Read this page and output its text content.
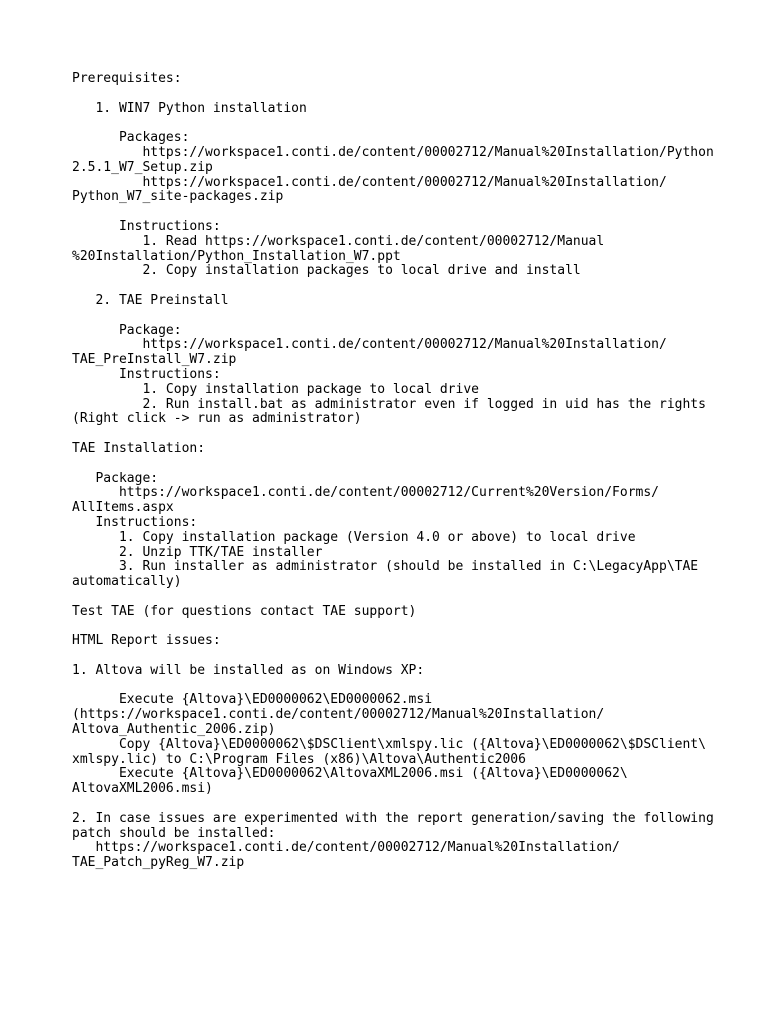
Prerequisites:

1. WIN7 Python installation

Packages:

https://workspace1.conti.de/content/00002712/Manual%20Installation/Python

2.5.1_W7_Setup.zip

https://workspace1.conti.de/content/00002712/Manual%20Installation/

Python_W7_site-packages.zip

Instructions:

1. Read https://workspace1.conti.de/content/00002712/Manual

%20Installation/Python_Installation_W7.ppt

2. Copy installation packages to local drive and install

2. TAE Preinstall

Package:

https://workspace1.conti.de/content/00002712/Manual%20Installation/

TAE_PreInstall_W7.zip

Instructions:

1. Copy installation package to local drive

2. Run install.bat as administrator even if logged in uid has the rights

(Right click -> run as administrator)

TAE Installation:

Package:

https://workspace1.conti.de/content/00002712/Current%20Version/Forms/

AllItems.aspx

Instructions:

1. Copy installation package (Version 4.0 or above) to local drive

2. Unzip TTK/TAE installer

3. Run installer as administrator (should be installed in C:\LegacyApp\TAE

automatically)

Test TAE (for questions contact TAE support)

HTML Report issues:

1. Altova will be installed as on Windows XP:

Execute {Altova}\ED0000062\ED0000062.msi

(https://workspace1.conti.de/content/00002712/Manual%20Installation/

Altova_Authentic_2006.zip)

Copy {Altova}\ED0000062\$DSClient\xmlspy.lic ({Altova}\ED0000062\$DSClient\

xmlspy.lic) to C:\Program Files (x86)\Altova\Authentic2006

Execute {Altova}\ED0000062\AltovaXML2006.msi ({Altova}\ED0000062\

AltovaXML2006.msi)

2. In case issues are experimented with the report generation/saving the following

patch should be installed:

https://workspace1.conti.de/content/00002712/Manual%20Installation/

TAE_Patch_pyReg_W7.zip
